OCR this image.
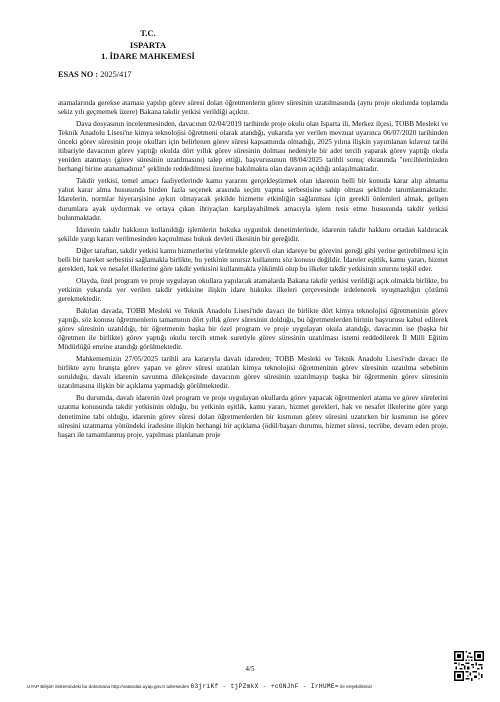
T.C.
ISPARTA
1. İDARE MAHKEMESİ
ESAS NO : 2025/417

atamalarında gerekse ataması yapılıp görev süresi dolan öğretmenlerin görev süresinin uzatılmasında (aynı proje okulunda toplamda sekiz yılı geçmemek üzere) Bakana takdir yetkisi verildiği açıktır.

Dava dosyasının incelenmesinden, davacının 02/04/2019 tarihinde proje okulu olan Isparta ili, Merkez ilçesi, TOBB Mesleki ve Teknik Anadolu Lisesi'ne kimya teknolojisi öğretmeni olarak atandığı, yukarıda yer verilen mevzuat uyarınca 06/07/2020 tarihinden önceki görev süresinin proje okulları için belirlenen görev süresi kapsamında olmadığı, 2025 yılına ilişkin yayımlanan kılavuz tarihi itibariyle davacının görev yaptığı okulda dört yıllık görev süresinin dolması nedeniyle bir adet tercih yaparak görev yaptığı okula yeniden atanmayı (görev süresinin uzatılmasını) talep ettiği, başvurusunun 08/04/2025 tarihli sonuç ekranında "tercihlerinizden herhangi birine atanamadınız" şeklinde reddedilmesi üzerine bakılmakta olan davanın açıldığı anlaşılmaktadır.

Takdir yetkisi, temel amacı faaliyetlerinde kamu yararını gerçekleştirmek olan idarenin belli bir konuda karar alıp almama yahut karar alma hususunda birden fazla seçenek arasında seçim yapma serbestisine sahip olması şeklinde tanımlanmaktadır. İdarelerin, normlar hiyerarşisine aykırı olmayacak şekilde hizmette etkinliğin sağlanması için gerekli önlemleri almak, gelişen durumlara ayak uydurmak ve ortaya çıkan ihtiyaçları karşılayabilmek amacıyla işlem tesis etme hususunda takdir yetkisi bulunmaktadır.

İdarenin takdir hakkının kullanıldığı işlemlerin hukuka uygunluk denetimlerinde, idarenin takdir hakkını ortadan kaldıracak şekilde yargı kararı verilmesinden kaçınılması hukuk devleti ilkesinin bir gereğidir.

Diğer taraftan, takdir yetkisi kamu hizmetlerini yürütmekle görevli olan idareye bu görevini gereği gibi yerine getirebilmesi için belli bir hareket serbestisi sağlamakla birlikte, bu yetkinin sınırsız kullanımı söz konusu değildir. İdareler eşitlik, kamu yararı, hizmet gerekleri, hak ve nesafet ilkelerine göre takdir yetkisini kullanmakla yükümlü olup bu ilkeler takdir yetkisinin sınırını teşkil eder.

Olayda, özel program ve proje uygulayan okullara yapılacak atamalarda Bakana takdir yetkisi verildiği açık olmakla birlikte, bu yetkinin yukarıda yer verilen takdir yetkisine ilişkin idare hukuku ilkeleri çerçevesinde irdelenerek uyuşmazlığın çözümü gerekmektedir.

Bakılan davada, TOBB Mesleki ve Teknik Anadolu Lisesi'nde davacı ile birlikte dört kimya teknolojisi öğretmeninin görev yaptığı, söz konusu öğretmenlerin tamamının dört yıllık görev süresinin dolduğu, bu öğretmenlerden birinin başvurusu kabul edilerek görev süresinin uzatıldığı, bir öğretmenin başka bir özel program ve proje uygulayan okula atandığı, davacının ise (başka bir öğretmen ile birlikte) görev yaptığı okulu tercih etmek suretiyle görev süresinin uzatılması istemi reddedilerek İl Milli Eğitim Müdürlüğü emrine atandığı görülmektedir.

Mahkememizin 27/05/2025 tarihli ara kararıyla davalı idareden; TOBB Mesleki ve Teknik Anadolu Lisesi'nde davacı ile birlikte aynı branşta görev yapan ve görev süresi uzatılan kimya teknolojisi öğretmeninin görev süresinin uzatılma sebebinin sorulduğu, davalı idarenin savunma dilekçesinde davacının görev süresinin uzatılmayıp başka bir öğretmenin görev süresinin uzatılmasına ilişkin bir açıklama yapmadığı görülmektedir.

Bu durumda, davalı idarenin özel program ve proje uygulayan okullarda görev yapacak öğretmenleri atama ve görev sürelerini uzatma konusunda takdir yetkisinin olduğu, bu yetkinin eşitlik, kamu yararı, hizmet gerekleri, hak ve nesafet ilkelerine göre yargı denetimine tabi olduğu, idarenin görev süresi dolan öğretmenlerden bir kısmının görev süresini uzatırken bir kısmının ise görev süresini uzatmama yönündeki iradesine ilişkin herhangi bir açıklama (ödül/başarı durumu, hizmet süresi, tecrübe, devam eden proje, başarı ile tamamlanmış proje, yapılması planlanan proje

4/5
UYAP Bilişim Sistemindeki bu dokümana http://vatandas.uyap.gov.tr adresinden 63jriKf - tjPZmkX - +cGNJhF - IrHUME= ile erişebilirsiniz
